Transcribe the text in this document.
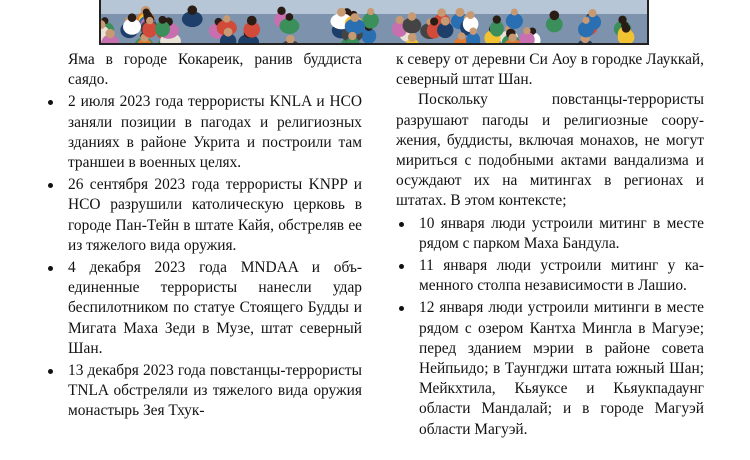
Яма в городе Кокареик, ранив буддиста саядо.

2 июля 2023 года террористы KNLA и НСО заняли позиции в пагодах и религиозных зданиях в районе Укрита и построили там траншеи в военных целях.
26 сентября 2023 года террористы KNPP и НСО разрушили католическую церковь в городе Пан-Тейн в штате Кайя, обстреляв ее из тяжелого вида оружия.
4 декабря 2023 года MNDAA и объединенные террористы нанесли удар беспилотником по статуе Стоящего Будды и Мигата Маха Зеди в Музе, штат северный Шан.
13 декабря 2023 года повстанцы-террористы TNLA обстреляли из тяжелого вида оружия монастырь Зея Тхук-

к северу от деревни Си Аоу в городке Лауккай, северный штат Шан.

Поскольку повстанцы-террористы разрушают пагоды и религиозные сооружения, буддисты, включая монахов, не могут мириться с подобными актами вандализма и осуждают их на митингах в регионах и штатах. В этом контексте;

10 января люди устроили митинг в месте рядом с парком Маха Бандула.
11 января люди устроили митинг у каменного столпа независимости в Лашио.
12 января люди устроили митинги в месте рядом с озером Кантха Мингла в Магуэе; перед зданием мэрии в районе совета Нейпьидо; в Таунгджи штата южный Шан; Мейкхтила, Кьяуксе и Кьяукпадаунг области Мандалай; и в городе Магуэй области Магуэй.
